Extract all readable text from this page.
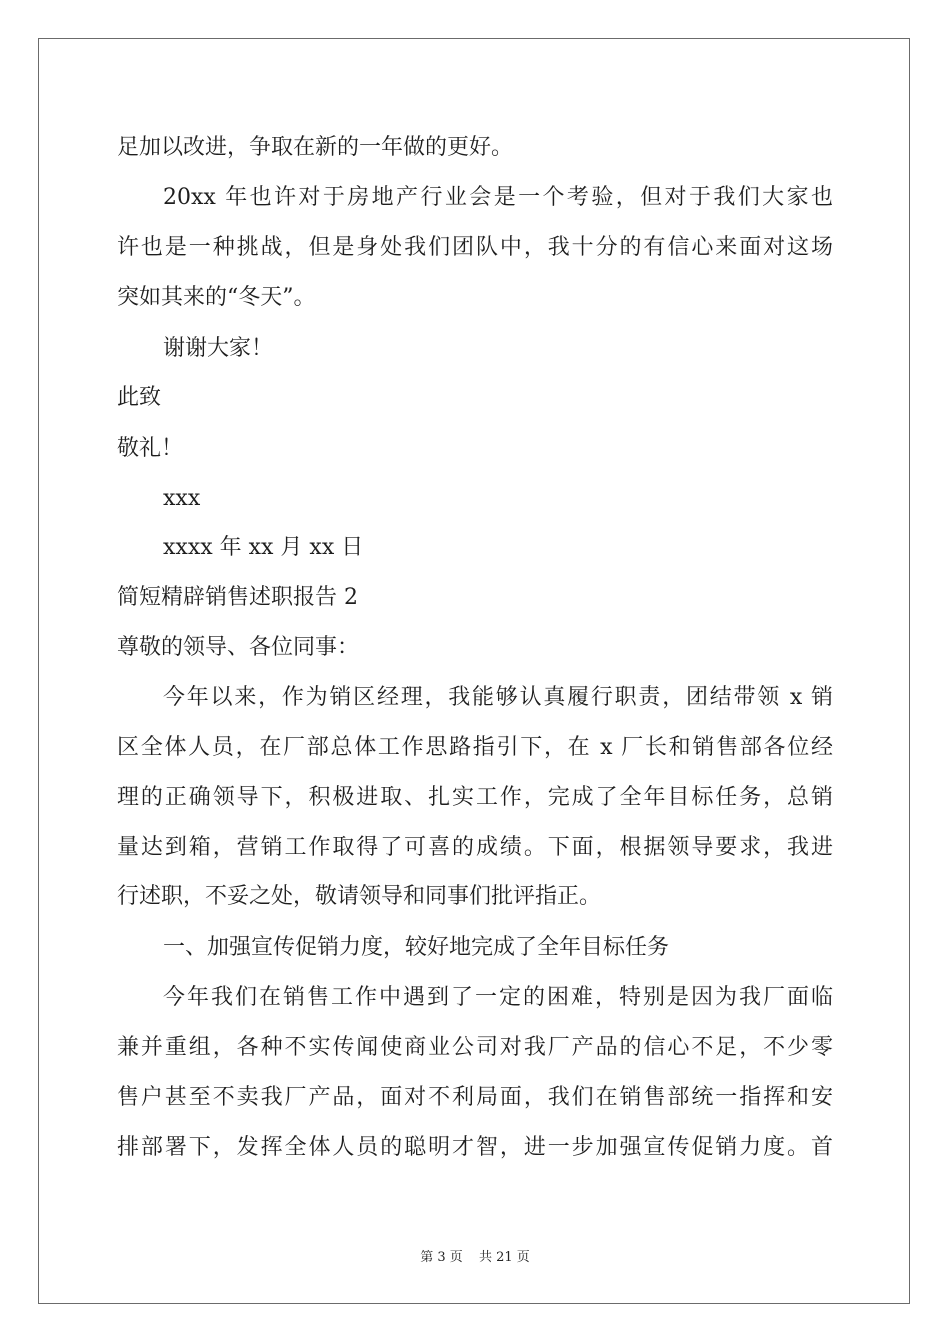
足加以改进，争取在新的一年做的更好。
20xx 年也许对于房地产行业会是一个考验，但对于我们大家也
许也是一种挑战，但是身处我们团队中，我十分的有信心来面对这场
突如其来的“冬天”。
谢谢大家！
此致
敬礼！
xxx
xxxx 年 xx 月 xx 日
简短精辟销售述职报告 2
尊敬的领导、各位同事：
今年以来，作为销区经理，我能够认真履行职责，团结带领 x 销
区全体人员，在厂部总体工作思路指引下，在 x 厂长和销售部各位经
理的正确领导下，积极进取、扎实工作，完成了全年目标任务，总销
量达到箱，营销工作取得了可喜的成绩。下面，根据领导要求，我进
行述职，不妥之处，敬请领导和同事们批评指正。
一、加强宣传促销力度，较好地完成了全年目标任务
今年我们在销售工作中遇到了一定的困难，特别是因为我厂面临
兼并重组，各种不实传闻使商业公司对我厂产品的信心不足，不少零
售户甚至不卖我厂产品，面对不利局面，我们在销售部统一指挥和安
排部署下，发挥全体人员的聪明才智，进一步加强宣传促销力度。首
第 3 页 共 21 页
